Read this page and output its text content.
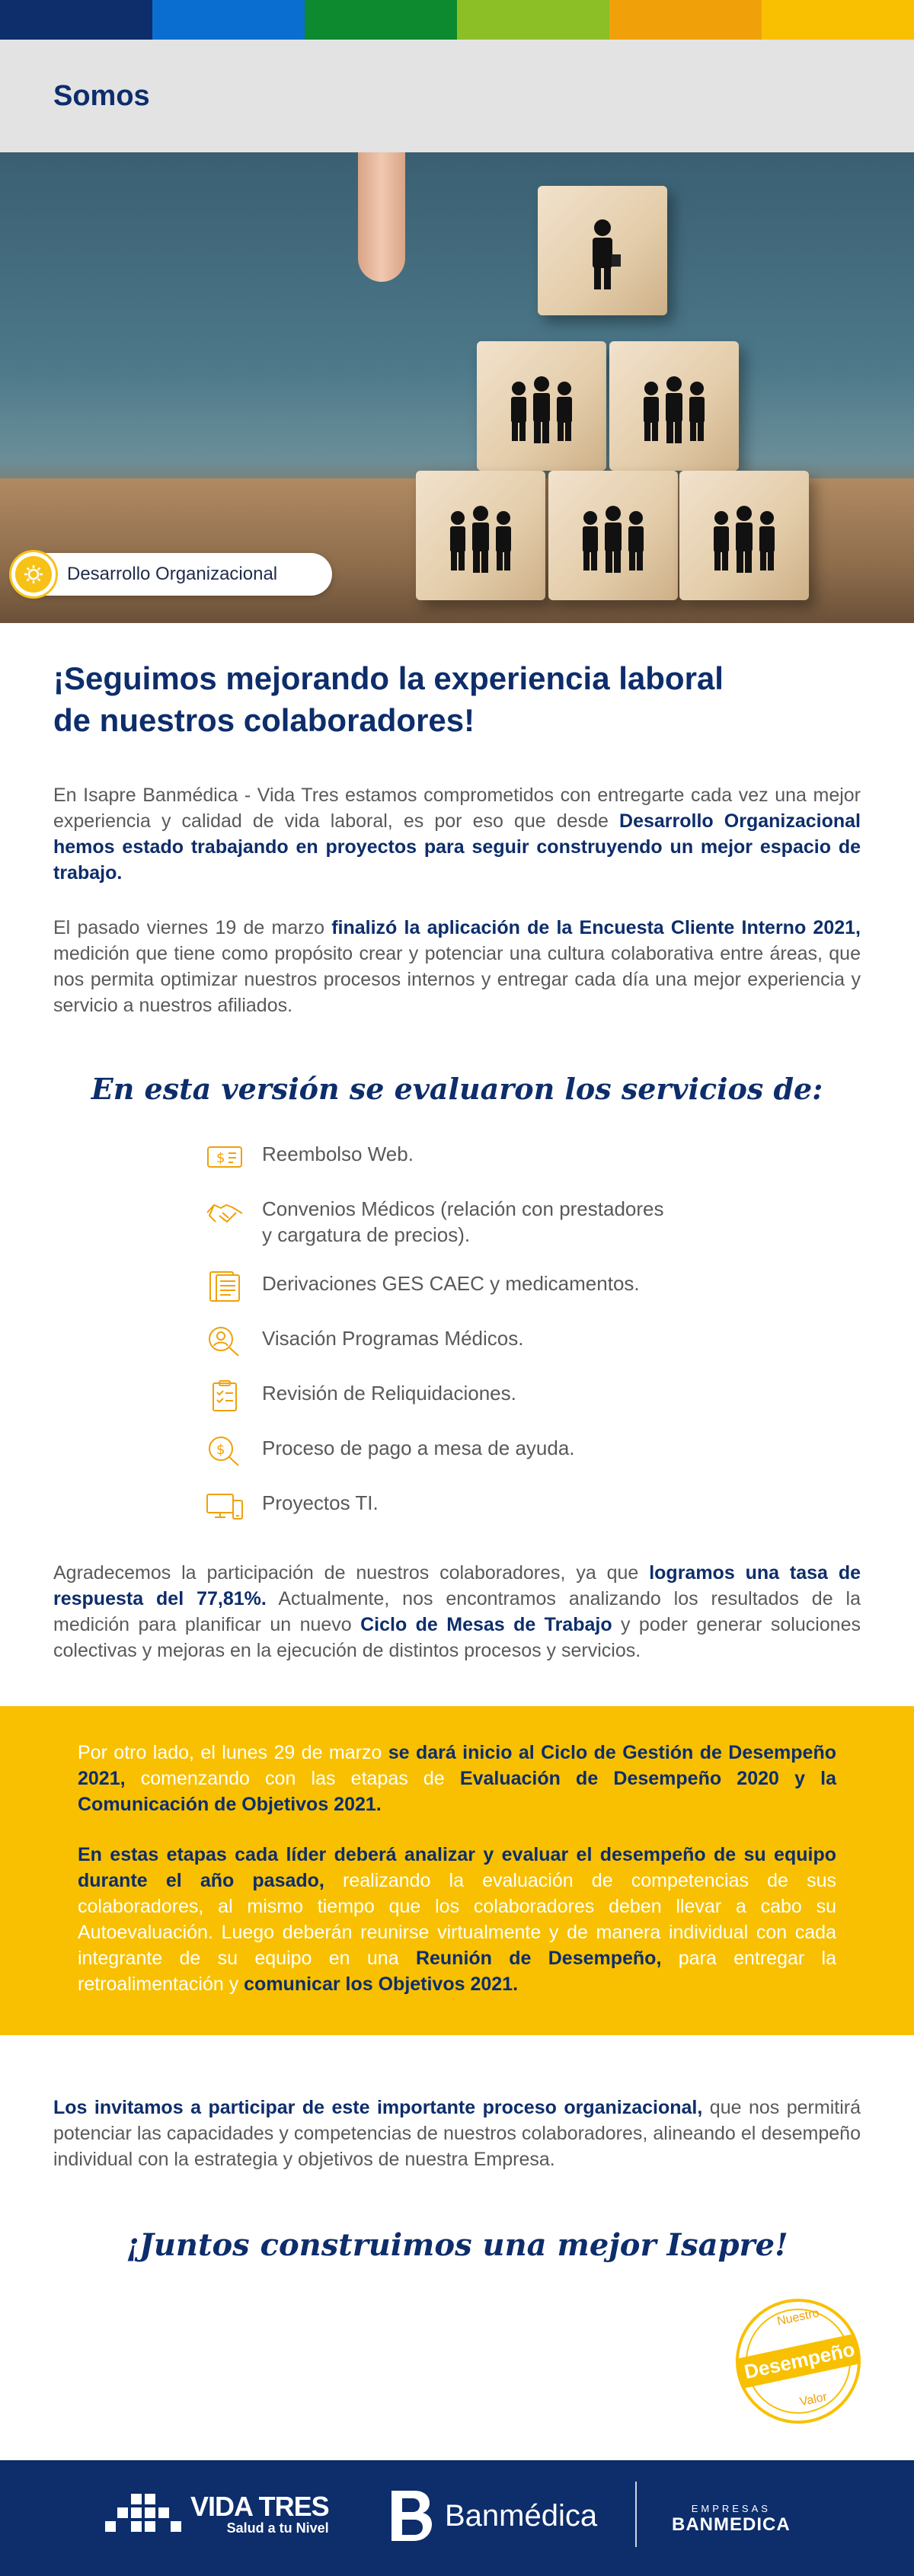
Somos
Desarrollo Organizacional
¡Seguimos mejorando la experiencia laboral
de nuestros colaboradores!

En Isapre Banmédica - Vida Tres estamos comprometidos con entregarte cada vez una mejor experiencia y calidad de vida laboral, es por eso que desde Desarrollo Organizacional hemos estado trabajando en proyectos para seguir construyendo un mejor espacio de trabajo.

El pasado viernes 19 de marzo finalizó la aplicación de la Encuesta Cliente Interno 2021, medición que tiene como propósito crear y potenciar una cultura colaborativa entre áreas, que nos permita optimizar nuestros procesos internos y entregar cada día una mejor experiencia y servicio a nuestros afiliados.

En esta versión se evaluaron los servicios de:
$ Reembolso Web.
Convenios Médicos (relación con prestadores
y cargatura de precios).
Derivaciones GES CAEC y medicamentos.
Visación Programas Médicos.
Revisión de Reliquidaciones.
$ Proceso de pago a mesa de ayuda.
Proyectos TI.

Agradecemos la participación de nuestros colaboradores, ya que logramos una tasa de respuesta del 77,81%. Actualmente, nos encontramos analizando los resultados de la medición para planificar un nuevo Ciclo de Mesas de Trabajo y poder generar soluciones colectivas y mejoras en la ejecución de distintos procesos y servicios.

Por otro lado, el lunes 29 de marzo se dará inicio al Ciclo de Gestión de Desempeño 2021, comenzando con las etapas de Evaluación de Desempeño 2020 y la Comunicación de Objetivos 2021.

En estas etapas cada líder deberá analizar y evaluar el desempeño de su equipo durante el año pasado, realizando la evaluación de competencias de sus colaboradores, al mismo tiempo que los colaboradores deben llevar a cabo su Autoevaluación. Luego deberán reunirse virtualmente y de manera individual con cada integrante de su equipo en una Reunión de Desempeño, para entregar la retroalimentación y comunicar los Objetivos 2021.

Los invitamos a participar de este importante proceso organizacional, que nos permitirá potenciar las capacidades y competencias de nuestros colaboradores, alineando el desempeño individual con la estrategia y objetivos de nuestra Empresa.

¡Juntos construimos una mejor Isapre!
Nuestro
Desempeño
Valor
VIDA TRES
Salud a tu Nivel	Banmédica	EMPRESAS
BANMEDICA
